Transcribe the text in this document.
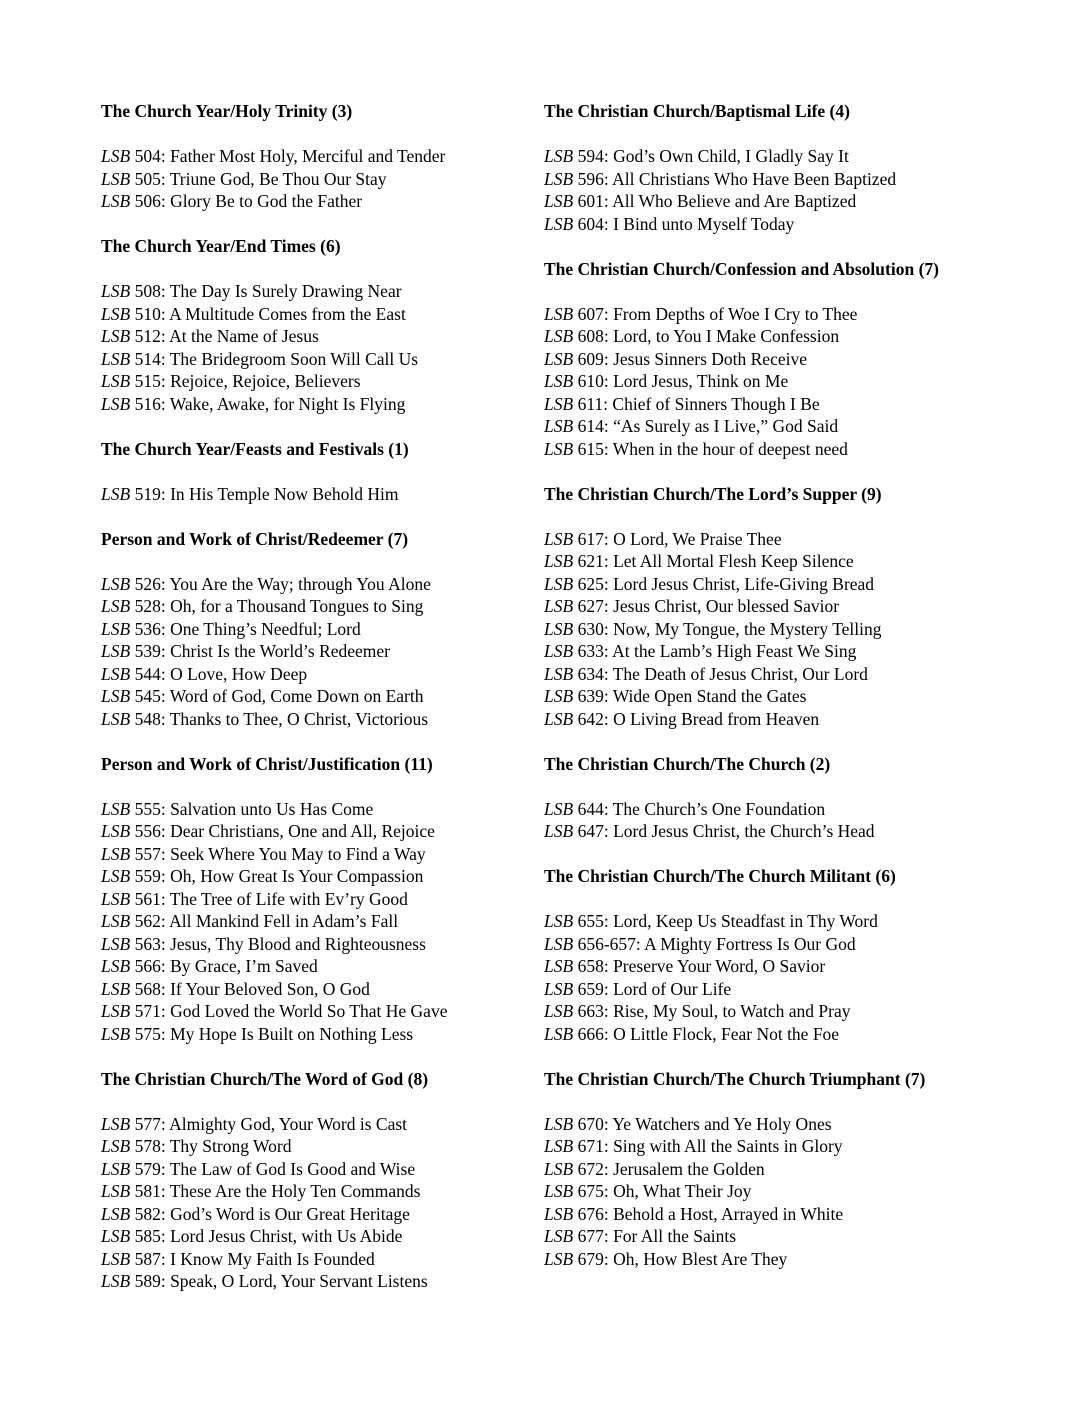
The Church Year/Holy Trinity (3)
LSB 504: Father Most Holy, Merciful and Tender
LSB 505: Triune God, Be Thou Our Stay
LSB 506: Glory Be to God the Father
The Church Year/End Times (6)
LSB 508: The Day Is Surely Drawing Near
LSB 510: A Multitude Comes from the East
LSB 512: At the Name of Jesus
LSB 514: The Bridegroom Soon Will Call Us
LSB 515: Rejoice, Rejoice, Believers
LSB 516: Wake, Awake, for Night Is Flying
The Church Year/Feasts and Festivals (1)
LSB 519: In His Temple Now Behold Him
Person and Work of Christ/Redeemer (7)
LSB 526: You Are the Way; through You Alone
LSB 528: Oh, for a Thousand Tongues to Sing
LSB 536: One Thing’s Needful; Lord
LSB 539: Christ Is the World’s Redeemer
LSB 544: O Love, How Deep
LSB 545: Word of God, Come Down on Earth
LSB 548: Thanks to Thee, O Christ, Victorious
Person and Work of Christ/Justification (11)
LSB 555: Salvation unto Us Has Come
LSB 556: Dear Christians, One and All, Rejoice
LSB 557: Seek Where You May to Find a Way
LSB 559: Oh, How Great Is Your Compassion
LSB 561: The Tree of Life with Ev’ry Good
LSB 562: All Mankind Fell in Adam’s Fall
LSB 563: Jesus, Thy Blood and Righteousness
LSB 566: By Grace, I’m Saved
LSB 568: If Your Beloved Son, O God
LSB 571: God Loved the World So That He Gave
LSB 575: My Hope Is Built on Nothing Less
The Christian Church/The Word of God (8)
LSB 577: Almighty God, Your Word is Cast
LSB 578: Thy Strong Word
LSB 579: The Law of God Is Good and Wise
LSB 581: These Are the Holy Ten Commands
LSB 582: God’s Word is Our Great Heritage
LSB 585: Lord Jesus Christ, with Us Abide
LSB 587: I Know My Faith Is Founded
LSB 589: Speak, O Lord, Your Servant Listens
The Christian Church/Baptismal Life (4)
LSB 594: God’s Own Child, I Gladly Say It
LSB 596: All Christians Who Have Been Baptized
LSB 601: All Who Believe and Are Baptized
LSB 604: I Bind unto Myself Today
The Christian Church/Confession and Absolution (7)
LSB 607: From Depths of Woe I Cry to Thee
LSB 608: Lord, to You I Make Confession
LSB 609: Jesus Sinners Doth Receive
LSB 610: Lord Jesus, Think on Me
LSB 611: Chief of Sinners Though I Be
LSB 614: “As Surely as I Live,” God Said
LSB 615: When in the hour of deepest need
The Christian Church/The Lord’s Supper (9)
LSB 617: O Lord, We Praise Thee
LSB 621: Let All Mortal Flesh Keep Silence
LSB 625: Lord Jesus Christ, Life-Giving Bread
LSB 627: Jesus Christ, Our blessed Savior
LSB 630: Now, My Tongue, the Mystery Telling
LSB 633: At the Lamb’s High Feast We Sing
LSB 634: The Death of Jesus Christ, Our Lord
LSB 639: Wide Open Stand the Gates
LSB 642: O Living Bread from Heaven
The Christian Church/The Church (2)
LSB 644: The Church’s One Foundation
LSB 647: Lord Jesus Christ, the Church’s Head
The Christian Church/The Church Militant (6)
LSB 655: Lord, Keep Us Steadfast in Thy Word
LSB 656-657: A Mighty Fortress Is Our God
LSB 658: Preserve Your Word, O Savior
LSB 659: Lord of Our Life
LSB 663: Rise, My Soul, to Watch and Pray
LSB 666: O Little Flock, Fear Not the Foe
The Christian Church/The Church Triumphant (7)
LSB 670: Ye Watchers and Ye Holy Ones
LSB 671: Sing with All the Saints in Glory
LSB 672: Jerusalem the Golden
LSB 675: Oh, What Their Joy
LSB 676: Behold a Host, Arrayed in White
LSB 677: For All the Saints
LSB 679: Oh, How Blest Are They
